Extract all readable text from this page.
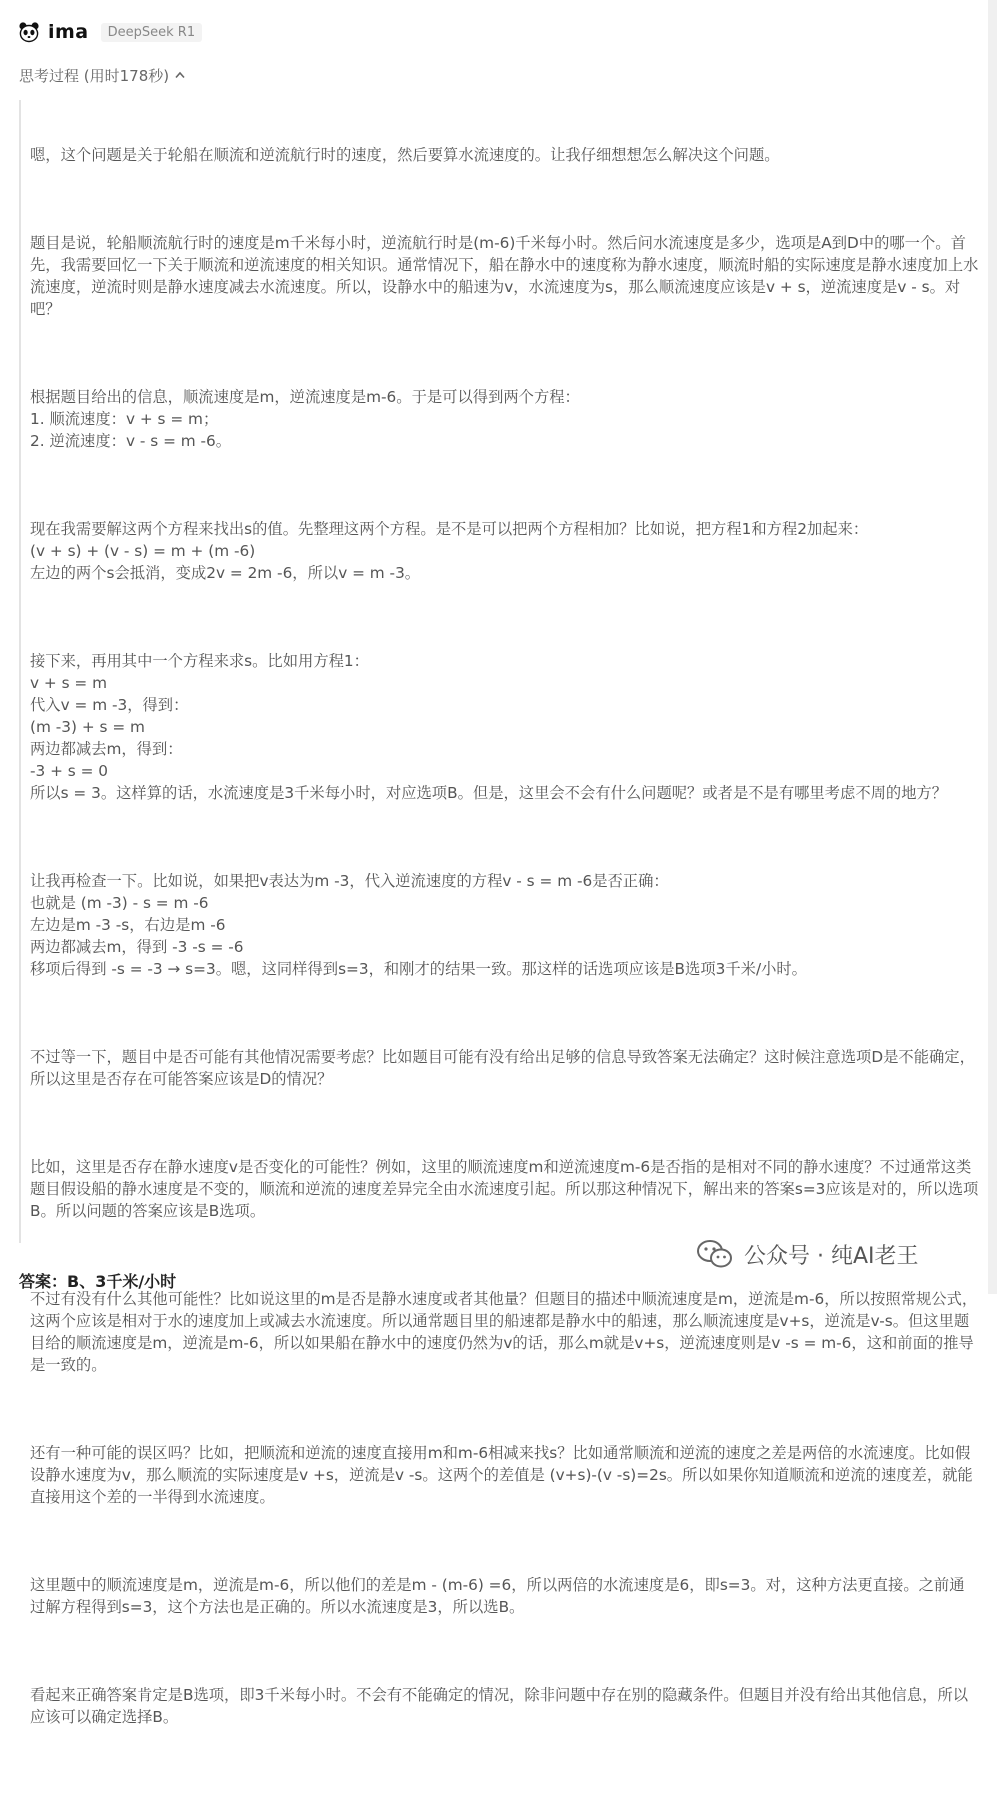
ima	DeepSeek R1
思考过程 (用时178秒)

嗯，这个问题是关于轮船在顺流和逆流航行时的速度，然后要算水流速度的。让我仔细想想怎么解决这个问题。

题目是说，轮船顺流航行时的速度是m千米每小时，逆流航行时是(m-6)千米每小时。然后问水流速度是多少，选项是A到D中的哪一个。首先，我需要回忆一下关于顺流和逆流速度的相关知识。通常情况下，船在静水中的速度称为静水速度，顺流时船的实际速度是静水速度加上水流速度，逆流时则是静水速度减去水流速度。所以，设静水中的船速为v，水流速度为s，那么顺流速度应该是v + s，逆流速度是v - s。对吧？

根据题目给出的信息，顺流速度是m，逆流速度是m-6。于是可以得到两个方程：
1. 顺流速度：v + s = m；
2. 逆流速度：v - s = m -6。

现在我需要解这两个方程来找出s的值。先整理这两个方程。是不是可以把两个方程相加？比如说，把方程1和方程2加起来：
(v + s) + (v - s) = m + (m -6)
左边的两个s会抵消，变成2v = 2m -6，所以v = m -3。

接下来，再用其中一个方程来求s。比如用方程1：
v + s = m
代入v = m -3，得到：
(m -3) + s = m
两边都减去m，得到：
-3 + s = 0
所以s = 3。这样算的话，水流速度是3千米每小时，对应选项B。但是，这里会不会有什么问题呢？或者是不是有哪里考虑不周的地方？

让我再检查一下。比如说，如果把v表达为m -3，代入逆流速度的方程v - s = m -6是否正确：
也就是 (m -3) - s = m -6
左边是m -3 -s，右边是m -6
两边都减去m，得到 -3 -s = -6
移项后得到 -s = -3 → s=3。嗯，这同样得到s=3，和刚才的结果一致。那这样的话选项应该是B选项3千米/小时。

不过等一下，题目中是否可能有其他情况需要考虑？比如题目可能有没有给出足够的信息导致答案无法确定？这时候注意选项D是不能确定，所以这里是否存在可能答案应该是D的情况？

比如，这里是否存在静水速度v是否变化的可能性？例如，这里的顺流速度m和逆流速度m-6是否指的是相对不同的静水速度？不过通常这类题目假设船的静水速度是不变的，顺流和逆流的速度差异完全由水流速度引起。所以那这种情况下，解出来的答案s=3应该是对的，所以选项B。所以问题的答案应该是B选项。

不过有没有什么其他可能性？比如说这里的m是否是静水速度或者其他量？但题目的描述中顺流速度是m，逆流是m-6，所以按照常规公式，这两个应该是相对于水的速度加上或减去水流速度。所以通常题目里的船速都是静水中的船速，那么顺流速度是v+s，逆流是v-s。但这里题目给的顺流速度是m，逆流是m-6，所以如果船在静水中的速度仍然为v的话，那么m就是v+s，逆流速度则是v -s = m-6，这和前面的推导是一致的。

还有一种可能的误区吗？比如，把顺流和逆流的速度直接用m和m-6相减来找s？比如通常顺流和逆流的速度之差是两倍的水流速度。比如假设静水速度为v，那么顺流的实际速度是v +s，逆流是v -s。这两个的差值是 (v+s)-(v -s)=2s。所以如果你知道顺流和逆流的速度差，就能直接用这个差的一半得到水流速度。

这里题中的顺流速度是m，逆流是m-6，所以他们的差是m - (m-6) =6，所以两倍的水流速度是6，即s=3。对，这种方法更直接。之前通过解方程得到s=3，这个方法也是正确的。所以水流速度是3，所以选B。

看起来正确答案肯定是B选项，即3千米每小时。不会有不能确定的情况，除非问题中存在别的隐藏条件。但题目并没有给出其他信息，所以应该可以确定选择B。

公众号 · 纯AI老王
答案：B、3千米/小时
